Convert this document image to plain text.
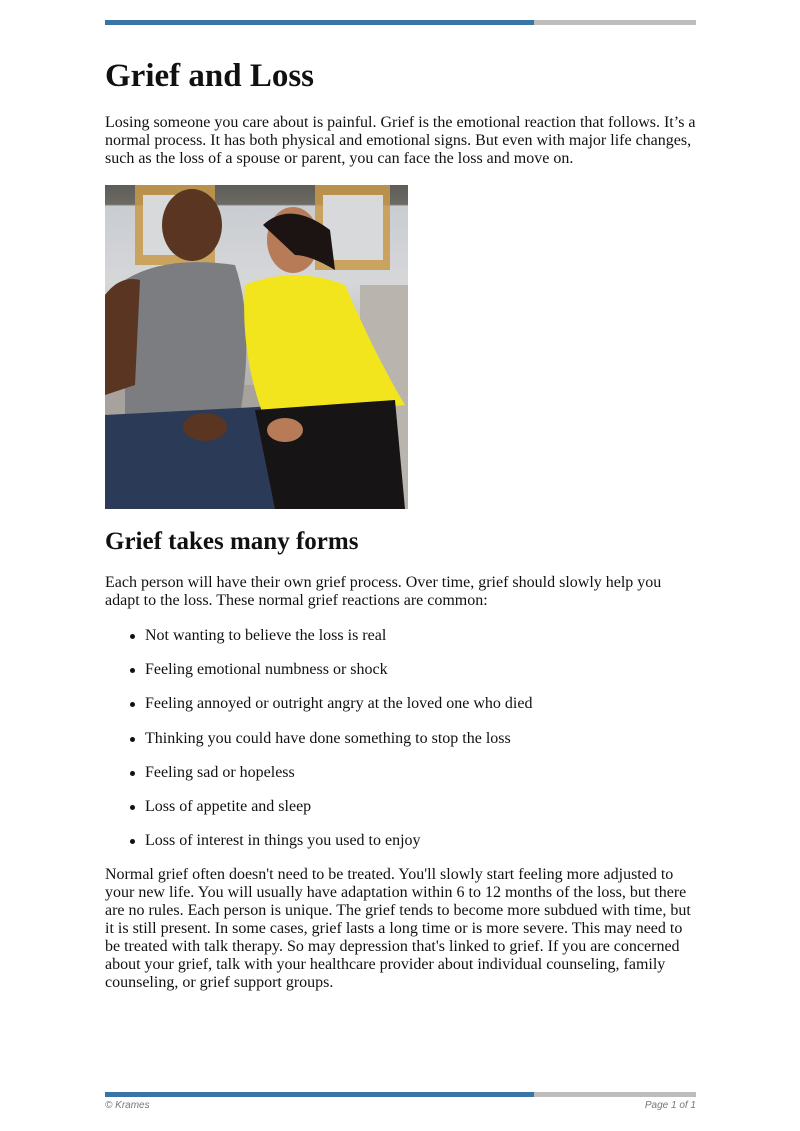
Grief and Loss

Losing someone you care about is painful. Grief is the emotional reaction that follows. It’s a normal process. It has both physical and emotional signs. But even with major life changes, such as the loss of a spouse or parent, you can face the loss and move on.

Grief takes many forms

Each person will have their own grief process. Over time, grief should slowly help you adapt to the loss. These normal grief reactions are common:

Not wanting to believe the loss is real
Feeling emotional numbness or shock
Feeling annoyed or outright angry at the loved one who died
Thinking you could have done something to stop the loss
Feeling sad or hopeless
Loss of appetite and sleep
Loss of interest in things you used to enjoy

Normal grief often doesn't need to be treated. You'll slowly start feeling more adjusted to your new life. You will usually have adaptation within 6 to 12 months of the loss, but there are no rules. Each person is unique. The grief tends to become more subdued with time, but it is still present. In some cases, grief lasts a long time or is more severe. This may need to be treated with talk therapy. So may depression that's linked to grief. If you are concerned about your grief, talk with your healthcare provider about individual counseling, family counseling, or grief support groups.

© Krames	Page 1 of 1
